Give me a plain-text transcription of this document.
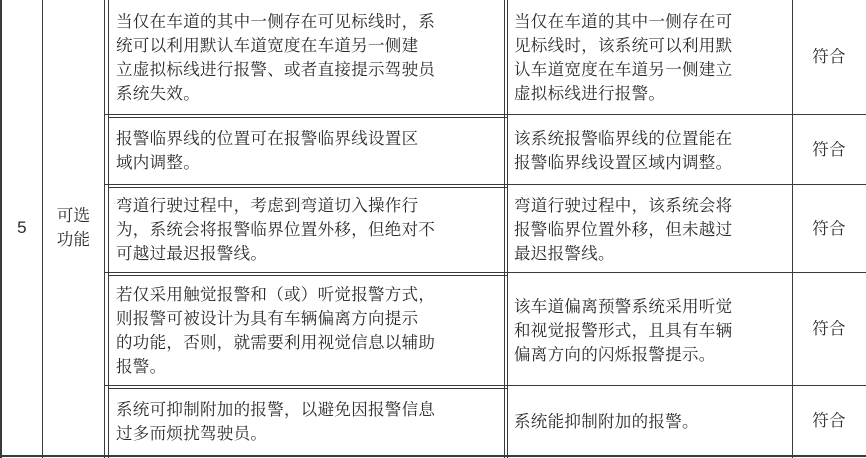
5
可选
功能
当仅在车道的其中一侧存在可见标线时，系
统可以利用默认车道宽度在车道另一侧建
立虚拟标线进行报警、或者直接提示驾驶员
系统失效。
当仅在车道的其中一侧存在可
见标线时，该系统可以利用默
认车道宽度在车道另一侧建立
虚拟标线进行报警。
符合
报警临界线的位置可在报警临界线设置区
域内调整。
该系统报警临界线的位置能在
报警临界线设置区域内调整。
符合
弯道行驶过程中，考虑到弯道切入操作行
为，系统会将报警临界位置外移，但绝对不
可越过最迟报警线。
弯道行驶过程中，该系统会将
报警临界位置外移，但未越过
最迟报警线。
符合
若仅采用触觉报警和（或）听觉报警方式，
则报警可被设计为具有车辆偏离方向提示
的功能，否则，就需要利用视觉信息以辅助
报警。
该车道偏离预警系统采用听觉
和视觉报警形式，且具有车辆
偏离方向的闪烁报警提示。
符合
系统可抑制附加的报警，以避免因报警信息
过多而烦扰驾驶员。
系统能抑制附加的报警。	符合
